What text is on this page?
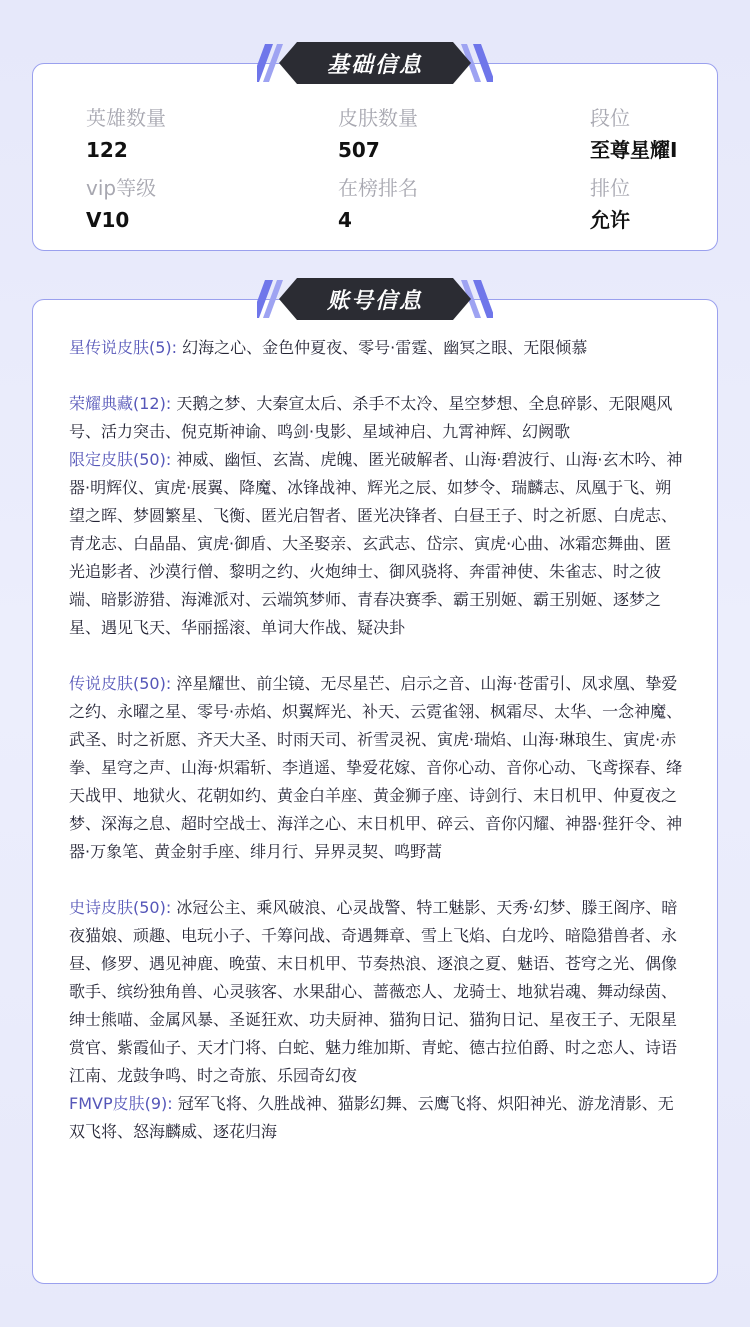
基础信息
英雄数量
122
皮肤数量
507
段位
至尊星耀I
vip等级
V10
在榜排名
4
排位
允许
账号信息
星传说皮肤(5): 幻海之心、金色仲夏夜、零号·雷霆、幽冥之眼、无限倾慕
荣耀典藏(12): 天鹅之梦、大秦宣太后、杀手不太冷、星空梦想、全息碎影、无限飓风号、活力突击、倪克斯神谕、鸣剑·曳影、星域神启、九霄神辉、幻阙歌
限定皮肤(50): 神威、幽恒、玄嵩、虎魄、匿光破解者、山海·碧波行、山海·玄木吟、神器·明辉仪、寅虎·展翼、降魔、冰锋战神、辉光之辰、如梦令、瑞麟志、凤凰于飞、朔望之晖、梦圆繁星、飞衡、匿光启智者、匿光决锋者、白昼王子、时之祈愿、白虎志、青龙志、白晶晶、寅虎·御盾、大圣娶亲、玄武志、岱宗、寅虎·心曲、冰霜恋舞曲、匿光追影者、沙漠行僧、黎明之约、火炮绅士、御风骁将、奔雷神使、朱雀志、时之彼端、暗影游猎、海滩派对、云端筑梦师、青春决赛季、霸王别姬、霸王别姬、逐梦之星、遇见飞天、华丽摇滚、单词大作战、疑决卦
传说皮肤(50): 淬星耀世、前尘镜、无尽星芒、启示之音、山海·苍雷引、凤求凰、挚爱之约、永曜之星、零号·赤焰、炽翼辉光、补天、云霓雀翎、枫霜尽、太华、一念神魔、武圣、时之祈愿、齐天大圣、时雨天司、祈雪灵祝、寅虎·瑞焰、山海·琳琅生、寅虎·赤拳、星穹之声、山海·炽霜斩、李逍遥、挚爱花嫁、音你心动、音你心动、飞鸢探春、绛天战甲、地狱火、花朝如约、黄金白羊座、黄金狮子座、诗剑行、末日机甲、仲夏夜之梦、深海之息、超时空战士、海洋之心、末日机甲、碎云、音你闪耀、神器·狴犴令、神器·万象笔、黄金射手座、绯月行、异界灵契、鸣野蒿
史诗皮肤(50): 冰冠公主、乘风破浪、心灵战警、特工魅影、天秀·幻梦、滕王阁序、暗夜猫娘、顽趣、电玩小子、千筹问战、奇遇舞章、雪上飞焰、白龙吟、暗隐猎兽者、永昼、修罗、遇见神鹿、晚萤、末日机甲、节奏热浪、逐浪之夏、魅语、苍穹之光、偶像歌手、缤纷独角兽、心灵骇客、水果甜心、蔷薇恋人、龙骑士、地狱岩魂、舞动绿茵、绅士熊喵、金属风暴、圣诞狂欢、功夫厨神、猫狗日记、猫狗日记、星夜王子、无限星赏官、紫霞仙子、天才门将、白蛇、魅力维加斯、青蛇、德古拉伯爵、时之恋人、诗语江南、龙鼓争鸣、时之奇旅、乐园奇幻夜
FMVP皮肤(9): 冠军飞将、久胜战神、猫影幻舞、云鹰飞将、炽阳神光、游龙清影、无双飞将、怒海麟威、逐花归海
